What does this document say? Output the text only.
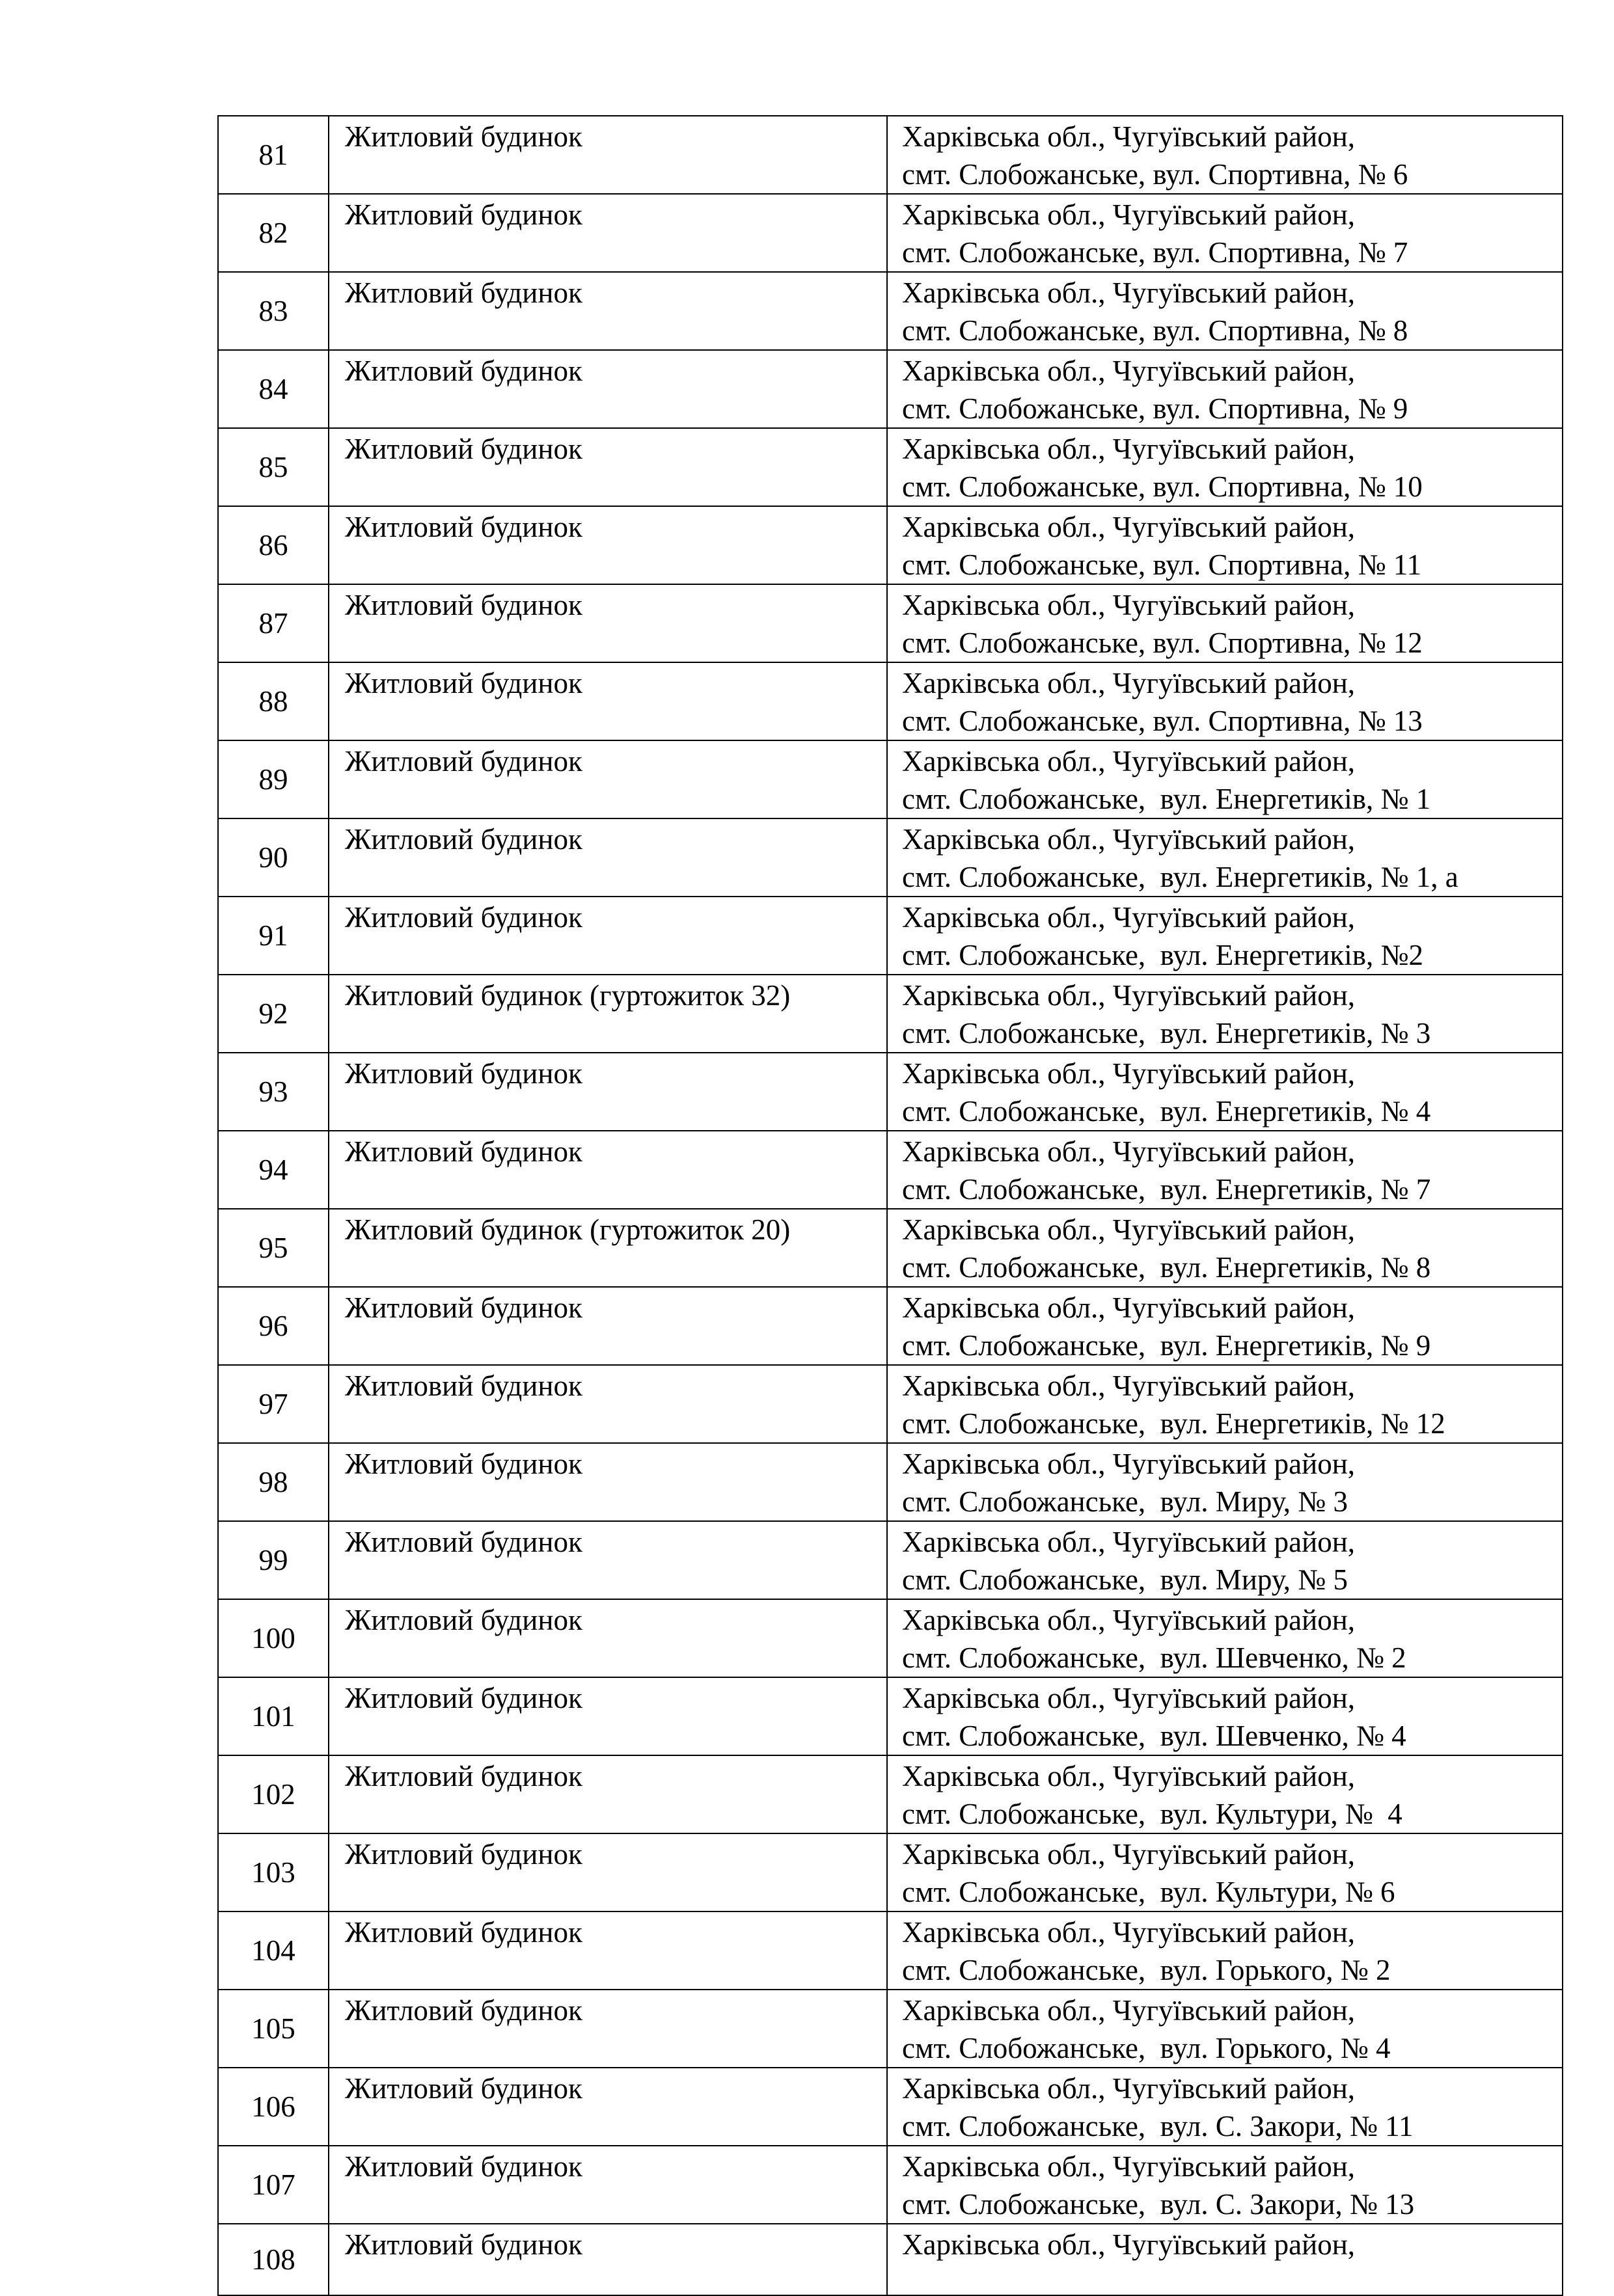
81	Житловий будинок	Харківська обл., Чугуївський район,
смт. Слобожанське, вул. Спортивна, № 6

82	Житловий будинок	Харківська обл., Чугуївський район,
смт. Слобожанське, вул. Спортивна, № 7

83	Житловий будинок	Харківська обл., Чугуївський район,
смт. Слобожанське, вул. Спортивна, № 8

84	Житловий будинок	Харківська обл., Чугуївський район,
смт. Слобожанське, вул. Спортивна, № 9

85	Житловий будинок	Харківська обл., Чугуївський район,
смт. Слобожанське, вул. Спортивна, № 10

86	Житловий будинок	Харківська обл., Чугуївський район,
смт. Слобожанське, вул. Спортивна, № 11

87	Житловий будинок	Харківська обл., Чугуївський район,
смт. Слобожанське, вул. Спортивна, № 12

88	Житловий будинок	Харківська обл., Чугуївський район,
смт. Слобожанське, вул. Спортивна, № 13

89	Житловий будинок	Харківська обл., Чугуївський район,
смт. Слобожанське,  вул. Енергетиків, № 1

90	Житловий будинок	Харківська обл., Чугуївський район,
смт. Слобожанське,  вул. Енергетиків, № 1, а

91	Житловий будинок	Харківська обл., Чугуївський район,
смт. Слобожанське,  вул. Енергетиків, №2

92	Житловий будинок (гуртожиток 32)	Харківська обл., Чугуївський район,
смт. Слобожанське,  вул. Енергетиків, № 3

93	Житловий будинок	Харківська обл., Чугуївський район,
смт. Слобожанське,  вул. Енергетиків, № 4

94	Житловий будинок	Харківська обл., Чугуївський район,
смт. Слобожанське,  вул. Енергетиків, № 7

95	Житловий будинок (гуртожиток 20)	Харківська обл., Чугуївський район,
смт. Слобожанське,  вул. Енергетиків, № 8

96	Житловий будинок	Харківська обл., Чугуївський район,
смт. Слобожанське,  вул. Енергетиків, № 9

97	Житловий будинок	Харківська обл., Чугуївський район,
смт. Слобожанське,  вул. Енергетиків, № 12

98	Житловий будинок	Харківська обл., Чугуївський район,
смт. Слобожанське,  вул. Миру, № 3

99	Житловий будинок	Харківська обл., Чугуївський район,
смт. Слобожанське,  вул. Миру, № 5

100	Житловий будинок	Харківська обл., Чугуївський район,
смт. Слобожанське,  вул. Шевченко, № 2

101	Житловий будинок	Харківська обл., Чугуївський район,
смт. Слобожанське,  вул. Шевченко, № 4

102	Житловий будинок	Харківська обл., Чугуївський район,
смт. Слобожанське,  вул. Культури, №  4

103	Житловий будинок	Харківська обл., Чугуївський район,
смт. Слобожанське,  вул. Культури, № 6

104	Житловий будинок	Харківська обл., Чугуївський район,
смт. Слобожанське,  вул. Горького, № 2

105	Житловий будинок	Харківська обл., Чугуївський район,
смт. Слобожанське,  вул. Горького, № 4

106	Житловий будинок	Харківська обл., Чугуївський район,
смт. Слобожанське,  вул. С. Закори, № 11

107	Житловий будинок	Харківська обл., Чугуївський район,
смт. Слобожанське,  вул. С. Закори, № 13

108	Житловий будинок	Харківська обл., Чугуївський район,
